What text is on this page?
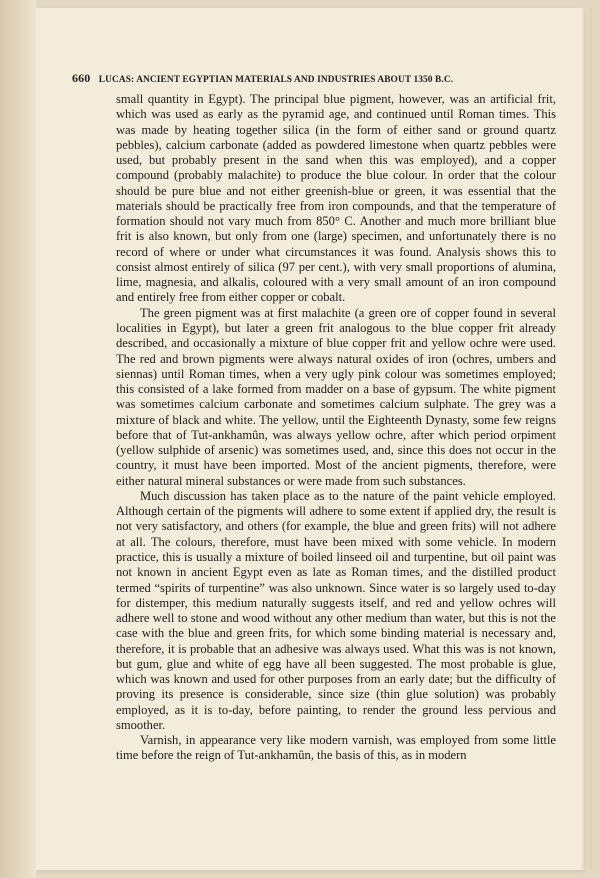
660 LUCAS: ANCIENT EGYPTIAN MATERIALS AND INDUSTRIES ABOUT 1350 B.C.

small quantity in Egypt). The principal blue pigment, however, was an artificial frit, which was used as early as the pyramid age, and continued until Roman times. This was made by heating together silica (in the form of either sand or ground quartz pebbles), calcium carbonate (added as powdered limestone when quartz pebbles were used, but probably present in the sand when this was employed), and a copper compound (probably malachite) to produce the blue colour. In order that the colour should be pure blue and not either greenish-blue or green, it was essential that the materials should be practically free from iron compounds, and that the temperature of formation should not vary much from 850° C. Another and much more brilliant blue frit is also known, but only from one (large) specimen, and unfortunately there is no record of where or under what circumstances it was found. Analysis shows this to consist almost entirely of silica (97 per cent.), with very small proportions of alumina, lime, magnesia, and alkalis, coloured with a very small amount of an iron compound and entirely free from either copper or cobalt.

The green pigment was at first malachite (a green ore of copper found in several localities in Egypt), but later a green frit analogous to the blue copper frit already described, and occasionally a mixture of blue copper frit and yellow ochre were used. The red and brown pigments were always natural oxides of iron (ochres, umbers and siennas) until Roman times, when a very ugly pink colour was sometimes employed; this consisted of a lake formed from madder on a base of gypsum. The white pigment was sometimes calcium carbonate and sometimes calcium sulphate. The grey was a mixture of black and white. The yellow, until the Eighteenth Dynasty, some few reigns before that of Tut-ankhamûn, was always yellow ochre, after which period orpiment (yellow sulphide of arsenic) was sometimes used, and, since this does not occur in the country, it must have been imported. Most of the ancient pigments, therefore, were either natural mineral substances or were made from such substances.

Much discussion has taken place as to the nature of the paint vehicle employed. Although certain of the pigments will adhere to some extent if applied dry, the result is not very satisfactory, and others (for example, the blue and green frits) will not adhere at all. The colours, therefore, must have been mixed with some vehicle. In modern practice, this is usually a mixture of boiled linseed oil and turpentine, but oil paint was not known in ancient Egypt even as late as Roman times, and the distilled product termed “spirits of turpentine” was also unknown. Since water is so largely used to-day for distemper, this medium naturally suggests itself, and red and yellow ochres will adhere well to stone and wood without any other medium than water, but this is not the case with the blue and green frits, for which some binding material is necessary and, therefore, it is probable that an adhesive was always used. What this was is not known, but gum, glue and white of egg have all been suggested. The most probable is glue, which was known and used for other purposes from an early date; but the difficulty of proving its presence is considerable, since size (thin glue solution) was probably employed, as it is to-day, before painting, to render the ground less pervious and smoother.

Varnish, in appearance very like modern varnish, was employed from some little time before the reign of Tut-ankhamûn, the basis of this, as in modern
